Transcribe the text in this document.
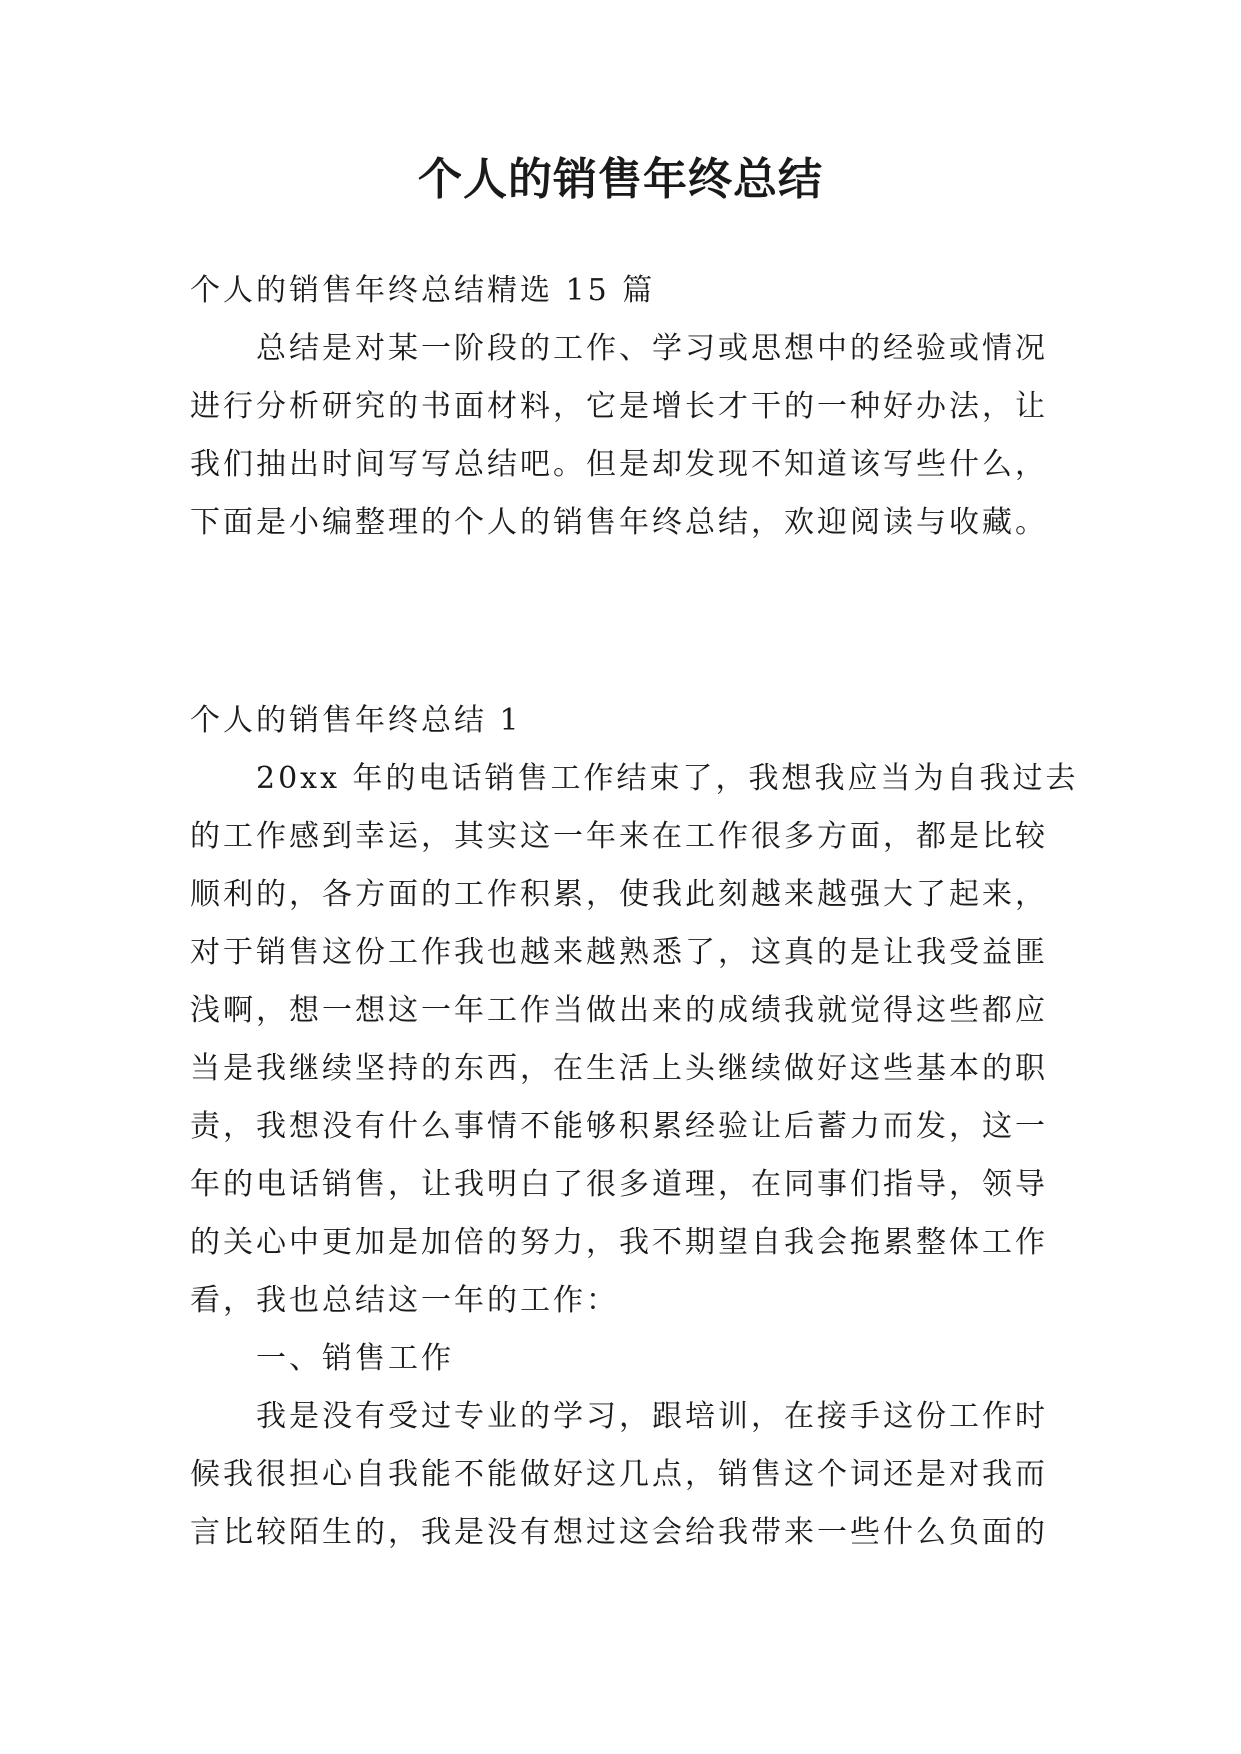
个人的销售年终总结
个人的销售年终总结精选 15 篇
总结是对某一阶段的工作、学习或思想中的经验或情况
进行分析研究的书面材料，它是增长才干的一种好办法，让
我们抽出时间写写总结吧。但是却发现不知道该写些什么，
下面是小编整理的个人的销售年终总结，欢迎阅读与收藏。
个人的销售年终总结 1
20xx 年的电话销售工作结束了，我想我应当为自我过去
的工作感到幸运，其实这一年来在工作很多方面，都是比较
顺利的，各方面的工作积累，使我此刻越来越强大了起来，
对于销售这份工作我也越来越熟悉了，这真的是让我受益匪
浅啊，想一想这一年工作当做出来的成绩我就觉得这些都应
当是我继续坚持的东西，在生活上头继续做好这些基本的职
责，我想没有什么事情不能够积累经验让后蓄力而发，这一
年的电话销售，让我明白了很多道理，在同事们指导，领导
的关心中更加是加倍的努力，我不期望自我会拖累整体工作
看，我也总结这一年的工作：
一、销售工作
我是没有受过专业的学习，跟培训，在接手这份工作时
候我很担心自我能不能做好这几点，销售这个词还是对我而
言比较陌生的，我是没有想过这会给我带来一些什么负面的
